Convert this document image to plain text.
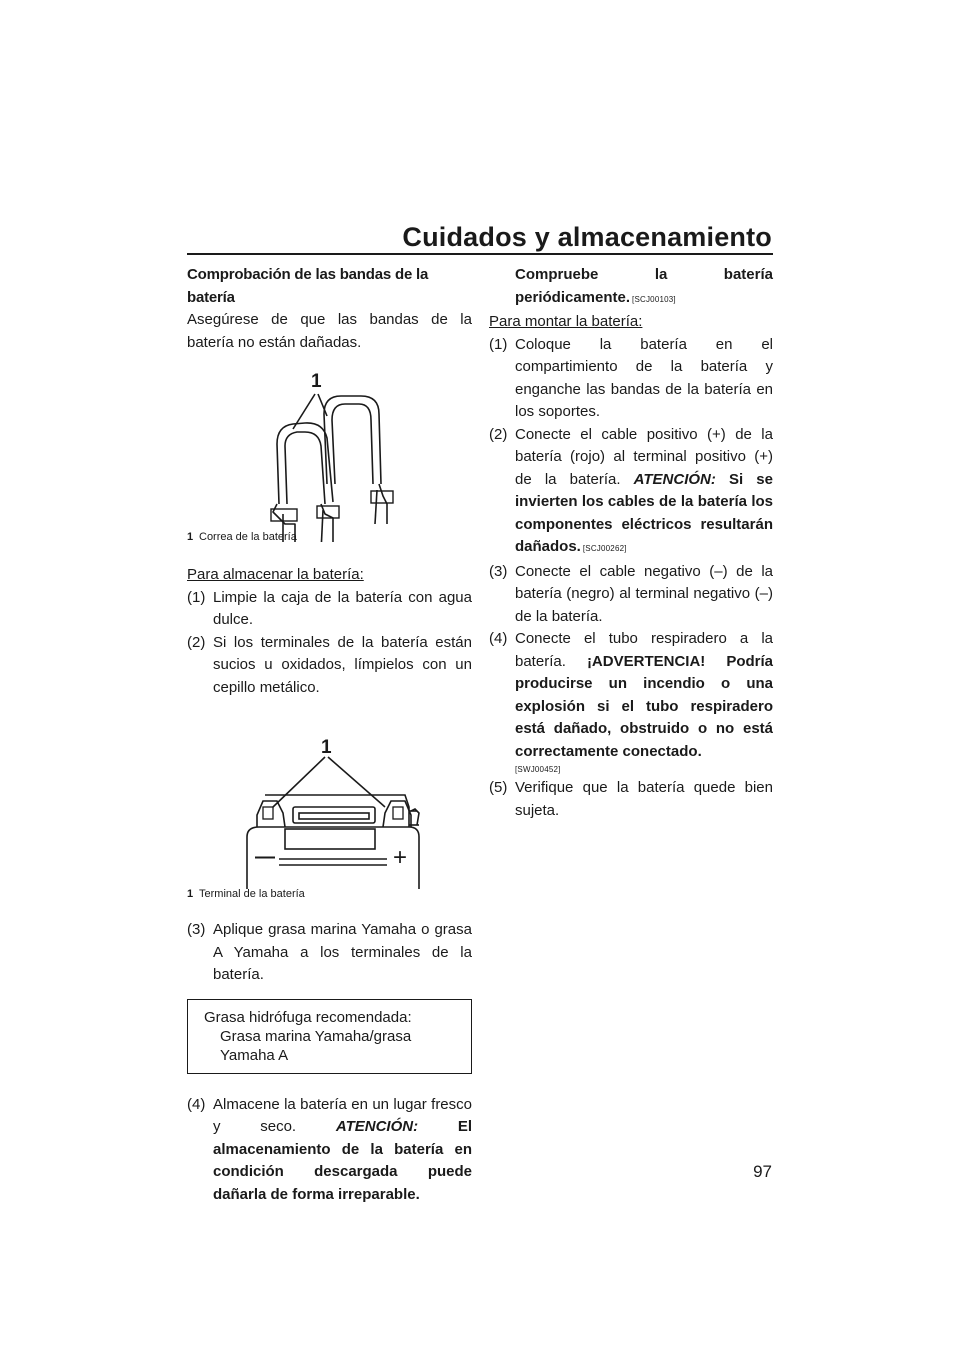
Cuidados y almacenamiento

Comprobación de las bandas de la batería

Asegúrese de que las bandas de la batería no están dañadas.

1
1 Correa de la batería

Para almacenar la batería:

(1) Limpie la caja de la batería con agua dulce.
(2) Si los terminales de la batería están sucios u oxidados, límpielos con un cepillo metálico.
1
—	+
1 Terminal de la batería
(3) Aplique grasa marina Yamaha o grasa A Yamaha a los terminales de la batería.
Grasa hidrófuga recomendada:
Grasa marina Yamaha/grasa Yamaha A
(4) Almacene la batería en un lugar fresco y seco.	ATENCIÓN:	El almacenamiento de la batería en condición descargada puede dañarla de forma irreparable.
Compruebe la batería periódicamente. [SCJ00103]

Para montar la batería:

(1) Coloque la batería en el compartimiento de la batería y enganche las bandas de la batería en los soportes.
(2) Conecte el cable positivo (+) de la batería (rojo) al terminal positivo (+) de la batería. ATENCIÓN: Si se invierten los cables de la batería los componentes eléctricos resultarán dañados. [SCJ00262]
(3) Conecte el cable negativo (–) de la batería (negro) al terminal negativo (–) de la batería.
(4) Conecte el tubo respiradero a la batería. ¡ADVERTENCIA! Podría producirse un incendio o una explosión si el tubo respiradero está dañado, obstruido o no está correctamente conectado.
[SWJ00452]
(5) Verifique que la batería quede bien sujeta.
97
